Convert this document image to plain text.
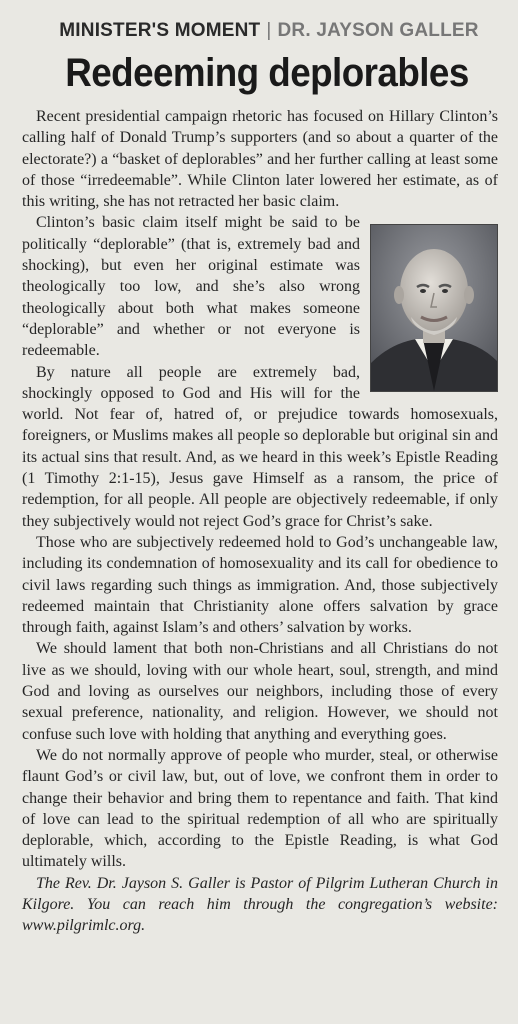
MINISTER'S MOMENT | DR. JAYSON GALLER
Redeeming deplorables

Recent presidential campaign rhetoric has focused on Hillary Clinton’s calling half of Donald Trump’s supporters (and so about a quarter of the electorate?) a “basket of deplorables” and her further calling at least some of those “irredeemable”. While Clinton later lowered her estimate, as of this writing, she has not retracted her basic claim.

Clinton’s basic claim itself might be said to be politically “deplorable” (that is, extremely bad and shocking), but even her original estimate was theologically too low, and she’s also wrong theologically about both what makes someone “deplorable” and whether or not everyone is redeemable.

By nature all people are extremely bad, shockingly opposed to God and His will for the world. Not fear of, hatred of, or prejudice towards homosexuals, foreigners, or Muslims makes all people so deplorable but original sin and its actual sins that result. And, as we heard in this week’s Epistle Reading (1 Timothy 2:1-15), Jesus gave Himself as a ransom, the price of redemption, for all people. All people are objectively redeemable, if only they subjectively would not reject God’s grace for Christ’s sake.

Those who are subjectively redeemed hold to God’s unchangeable law, including its condemnation of homosexuality and its call for obedience to civil laws regarding such things as immigration. And, those subjectively redeemed maintain that Christianity alone offers salvation by grace through faith, against Islam’s and others’ salvation by works.

We should lament that both non-Christians and all Christians do not live as we should, loving with our whole heart, soul, strength, and mind God and loving as ourselves our neighbors, including those of every sexual preference, nationality, and religion. However, we should not confuse such love with holding that anything and everything goes.

We do not normally approve of people who murder, steal, or otherwise flaunt God’s or civil law, but, out of love, we confront them in order to change their behavior and bring them to repentance and faith. That kind of love can lead to the spiritual redemption of all who are spiritually deplorable, which, according to the Epistle Reading, is what God ultimately wills.

The Rev. Dr. Jayson S. Galler is Pastor of Pilgrim Lutheran Church in Kilgore. You can reach him through the congregation’s website: www.pilgrimlc.org.
